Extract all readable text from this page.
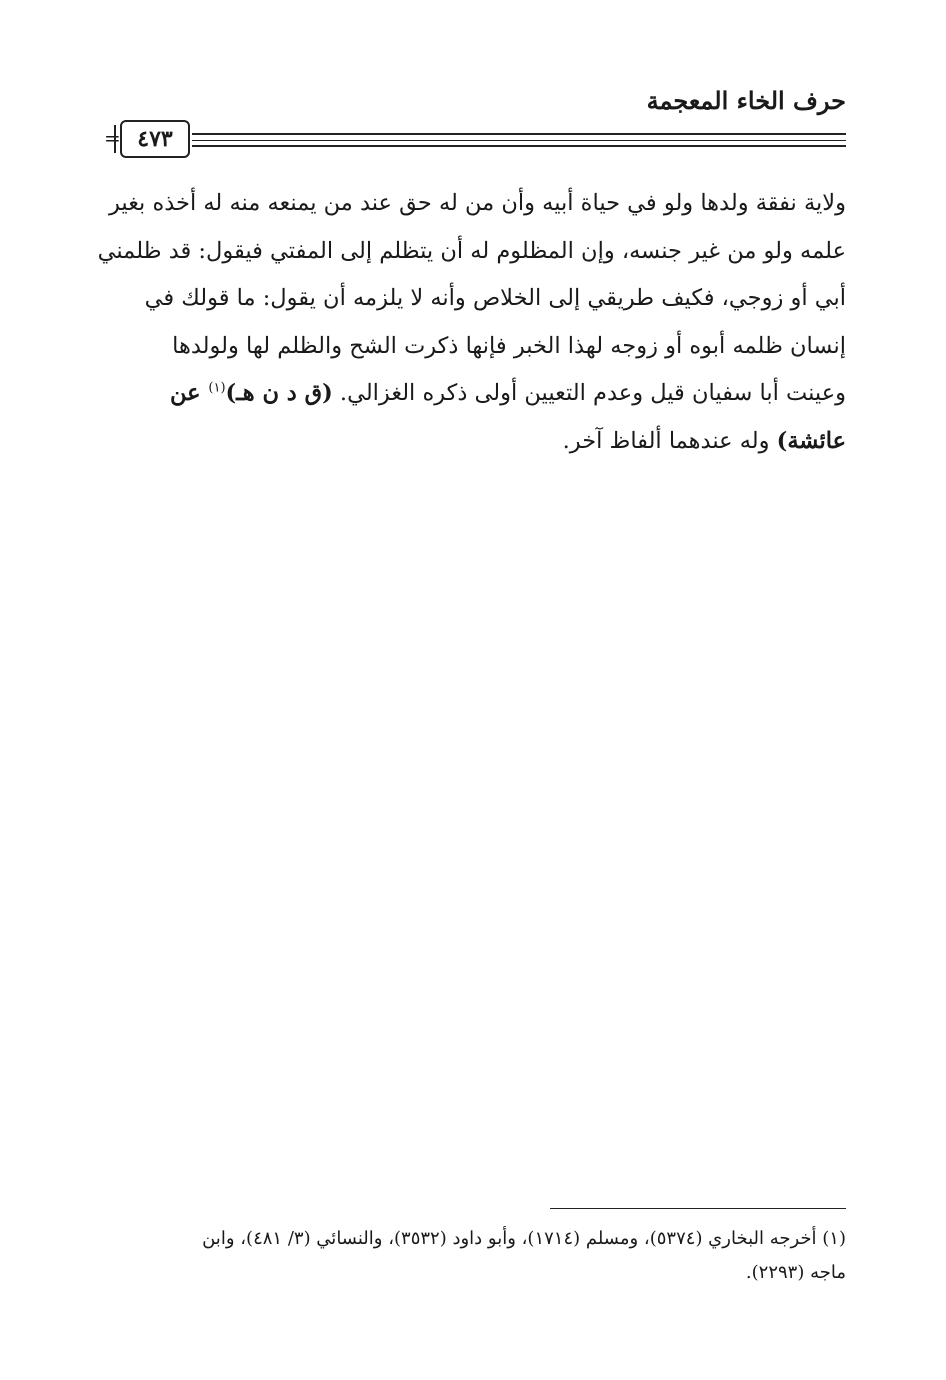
حرف الخاء المعجمة
= ٤٧٣
ولاية نفقة ولدها ولو في حياة أبيه وأن من له حق عند من يمنعه منه له أخذه بغير
علمه ولو من غير جنسه، وإن المظلوم له أن يتظلم إلى المفتي فيقول: قد ظلمني
أبي أو زوجي، فكيف طريقي إلى الخلاص وأنه لا يلزمه أن يقول: ما قولك في
إنسان ظلمه أبوه أو زوجه لهذا الخبر فإنها ذكرت الشح والظلم لها ولولدها
وعينت أبا سفيان قيل وعدم التعيين أولى ذكره الغزالي. (ق د ن هـ)$^{(١)}$ عن
عائشة) وله عندهما ألفاظ آخر.
(١) أخرجه البخاري (٥٣٧٤)، ومسلم (١٧١٤)، وأبو داود (٣٥٣٢)، والنسائي (٣/ ٤٨١)، وابن
ماجه (٢٢٩٣).
